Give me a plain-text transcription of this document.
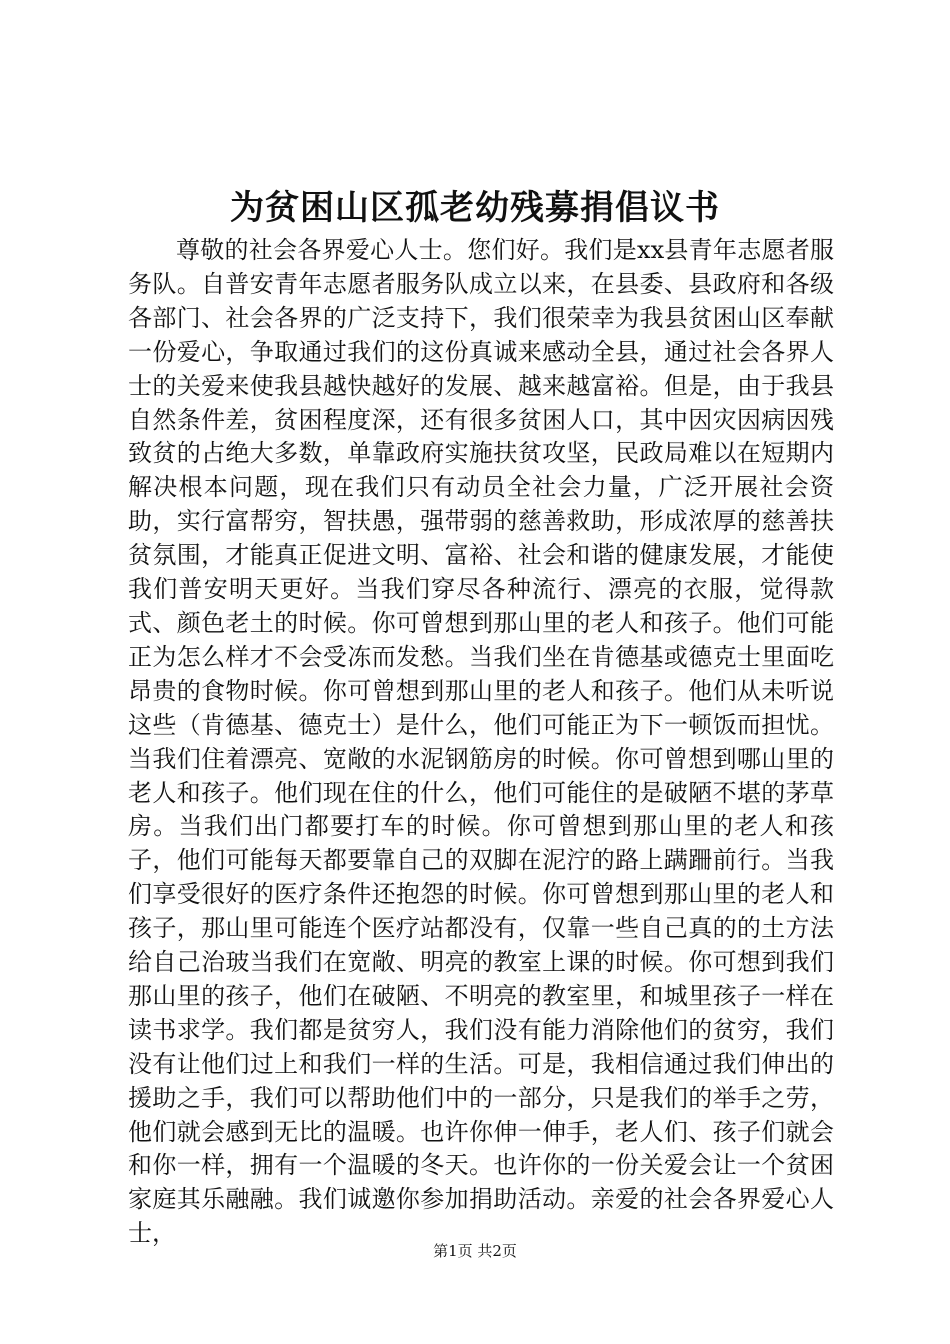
为贫困山区孤老幼残募捐倡议书

尊敬的社会各界爱心人士。您们好。我们是xx县青年志愿者服务队。自普安青年志愿者服务队成立以来，在县委、县政府和各级各部门、社会各界的广泛支持下，我们很荣幸为我县贫困山区奉献一份爱心，争取通过我们的这份真诚来感动全县，通过社会各界人士的关爱来使我县越快越好的发展、越来越富裕。但是，由于我县自然条件差，贫困程度深，还有很多贫困人口，其中因灾因病因残致贫的占绝大多数，单靠政府实施扶贫攻坚，民政局难以在短期内解决根本问题，现在我们只有动员全社会力量，广泛开展社会资助，实行富帮穷，智扶愚，强带弱的慈善救助，形成浓厚的慈善扶贫氛围，才能真正促进文明、富裕、社会和谐的健康发展，才能使我们普安明天更好。当我们穿尽各种流行、漂亮的衣服，觉得款式、颜色老土的时候。你可曾想到那山里的老人和孩子。他们可能正为怎么样才不会受冻而发愁。当我们坐在肯德基或德克士里面吃昂贵的食物时候。你可曾想到那山里的老人和孩子。他们从未听说这些（肯德基、德克士）是什么，他们可能正为下一顿饭而担忧。当我们住着漂亮、宽敞的水泥钢筋房的时候。你可曾想到哪山里的老人和孩子。他们现在住的什么，他们可能住的是破陋不堪的茅草房。当我们出门都要打车的时候。你可曾想到那山里的老人和孩子，他们可能每天都要靠自己的双脚在泥泞的路上蹒跚前行。当我们享受很好的医疗条件还抱怨的时候。你可曾想到那山里的老人和孩子，那山里可能连个医疗站都没有，仅靠一些自己真的的土方法给自己治玻当我们在宽敞、明亮的教室上课的时候。你可想到我们那山里的孩子，他们在破陋、不明亮的教室里，和城里孩子一样在读书求学。我们都是贫穷人，我们没有能力消除他们的贫穷，我们没有让他们过上和我们一样的生活。可是，我相信通过我们伸出的援助之手，我们可以帮助他们中的一部分，只是我们的举手之劳，他们就会感到无比的温暖。也许你伸一伸手，老人们、孩子们就会和你一样，拥有一个温暖的冬天。也许你的一份关爱会让一个贫困家庭其乐融融。我们诚邀你参加捐助活动。亲爱的社会各界爱心人士，

第1页 共2页
